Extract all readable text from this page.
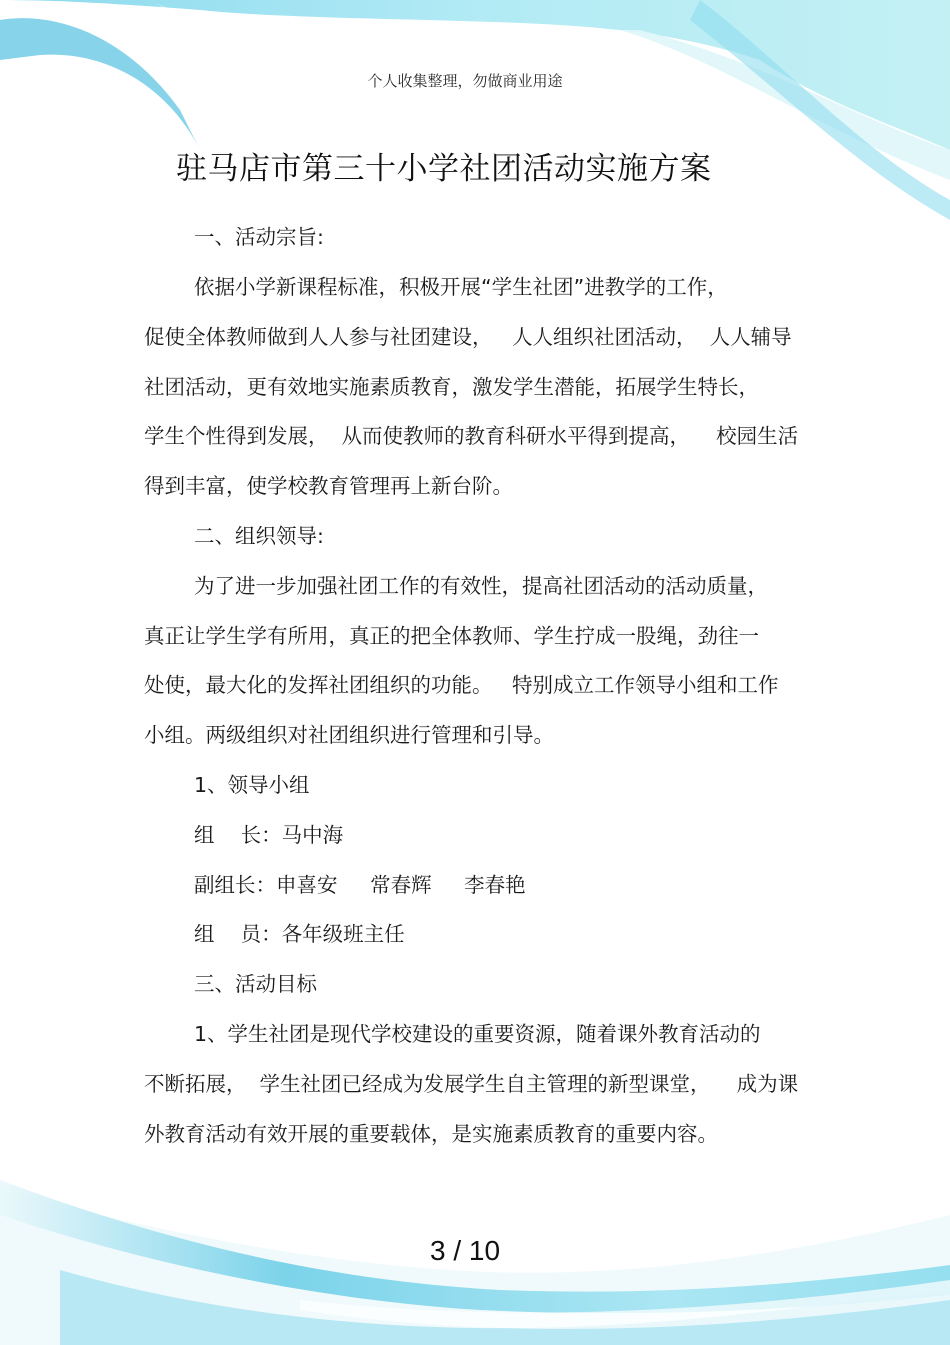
个人收集整理，勿做商业用途
驻马店市第三十小学社团活动实施方案
一、活动宗旨:
依据小学新课程标准，积极开展“学生社团”进教学的工作，
促使全体教师做到人人参与社团建设，   人人组织社团活动，  人人辅导
社团活动，更有效地实施素质教育，激发学生潜能，拓展学生特长，
学生个性得到发展，  从而使教师的教育科研水平得到提高，    校园生活
得到丰富，使学校教育管理再上新台阶。
二、组织领导:
为了进一步加强社团工作的有效性，提高社团活动的活动质量，
真正让学生学有所用，真正的把全体教师、学生拧成一股绳，劲往一
处使，最大化的发挥社团组织的功能。   特别成立工作领导小组和工作
小组。两级组织对社团组织进行管理和引导。
1、领导小组
组    长：马中海
副组长：申喜安     常春辉     李春艳
组    员：各年级班主任
三、活动目标
1、学生社团是现代学校建设的重要资源，随着课外教育活动的
不断拓展，  学生社团已经成为发展学生自主管理的新型课堂，    成为课
外教育活动有效开展的重要载体，是实施素质教育的重要内容。
3 / 10
